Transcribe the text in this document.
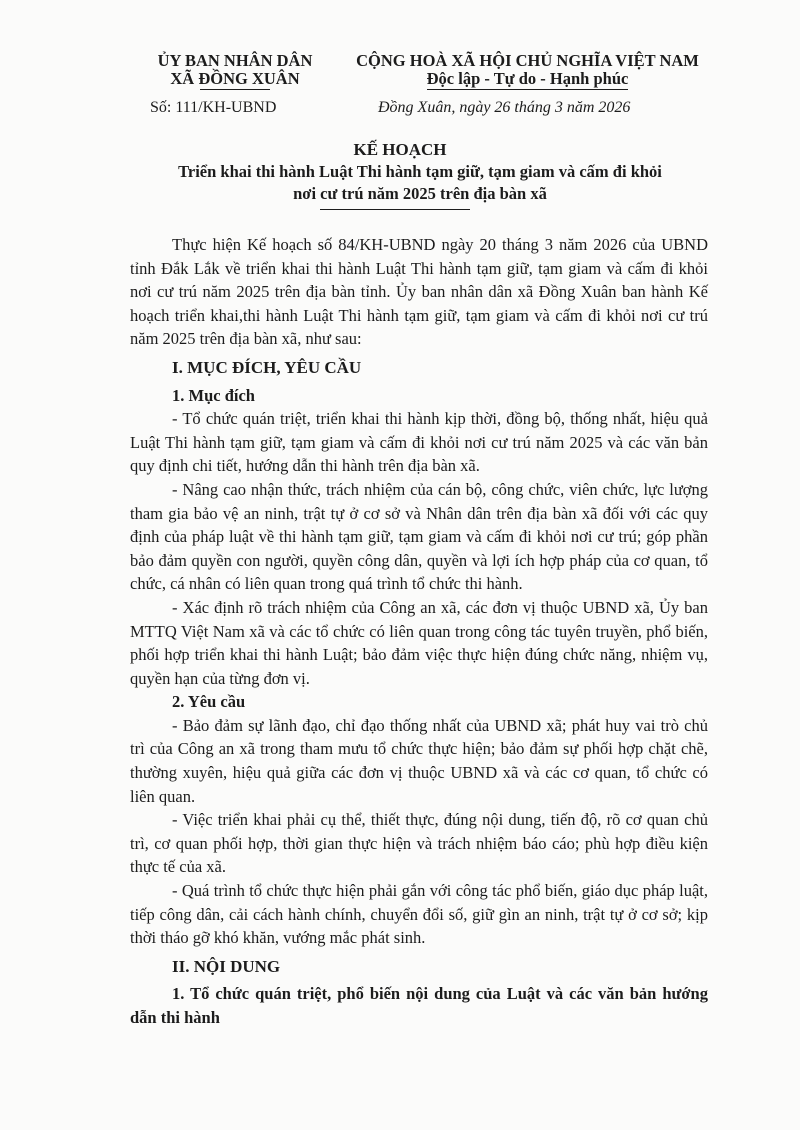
ỦY BAN NHÂN DÂN
XÃ ĐỒNG XUÂN
CỘNG HOÀ XÃ HỘI CHỦ NGHĨA VIỆT NAM
Độc lập - Tự do - Hạnh phúc
Số: 111/KH-UBND	Đồng Xuân, ngày 26 tháng 3 năm 2026
KẾ HOẠCH
Triển khai thi hành Luật Thi hành tạm giữ, tạm giam và cấm đi khỏi
nơi cư trú năm 2025 trên địa bàn xã

Thực hiện Kế hoạch số 84/KH-UBND ngày 20 tháng 3 năm 2026 của UBND tỉnh Đắk Lắk về triển khai thi hành Luật Thi hành tạm giữ, tạm giam và cấm đi khỏi nơi cư trú năm 2025 trên địa bàn tỉnh. Ủy ban nhân dân xã Đồng Xuân ban hành Kế hoạch triển khai,thi hành Luật Thi hành tạm giữ, tạm giam và cấm đi khỏi nơi cư trú năm 2025 trên địa bàn xã, như sau:

I. MỤC ĐÍCH, YÊU CẦU

1. Mục đích

- Tổ chức quán triệt, triển khai thi hành kịp thời, đồng bộ, thống nhất, hiệu quả Luật Thi hành tạm giữ, tạm giam và cấm đi khỏi nơi cư trú năm 2025 và các văn bản quy định chi tiết, hướng dẫn thi hành trên địa bàn xã.

- Nâng cao nhận thức, trách nhiệm của cán bộ, công chức, viên chức, lực lượng tham gia bảo vệ an ninh, trật tự ở cơ sở và Nhân dân trên địa bàn xã đối với các quy định của pháp luật về thi hành tạm giữ, tạm giam và cấm đi khỏi nơi cư trú; góp phần bảo đảm quyền con người, quyền công dân, quyền và lợi ích hợp pháp của cơ quan, tổ chức, cá nhân có liên quan trong quá trình tổ chức thi hành.

- Xác định rõ trách nhiệm của Công an xã, các đơn vị thuộc UBND xã, Ủy ban MTTQ Việt Nam xã và các tổ chức có liên quan trong công tác tuyên truyền, phổ biến, phối hợp triển khai thi hành Luật; bảo đảm việc thực hiện đúng chức năng, nhiệm vụ, quyền hạn của từng đơn vị.

2. Yêu cầu

- Bảo đảm sự lãnh đạo, chỉ đạo thống nhất của UBND xã; phát huy vai trò chủ trì của Công an xã trong tham mưu tổ chức thực hiện; bảo đảm sự phối hợp chặt chẽ, thường xuyên, hiệu quả giữa các đơn vị thuộc UBND xã và các cơ quan, tổ chức có liên quan.

- Việc triển khai phải cụ thể, thiết thực, đúng nội dung, tiến độ, rõ cơ quan chủ trì, cơ quan phối hợp, thời gian thực hiện và trách nhiệm báo cáo; phù hợp điều kiện thực tế của xã.

- Quá trình tổ chức thực hiện phải gắn với công tác phổ biến, giáo dục pháp luật, tiếp công dân, cải cách hành chính, chuyển đổi số, giữ gìn an ninh, trật tự ở cơ sở; kịp thời tháo gỡ khó khăn, vướng mắc phát sinh.

II. NỘI DUNG

1. Tổ chức quán triệt, phổ biến nội dung của Luật và các văn bản hướng dẫn thi hành
